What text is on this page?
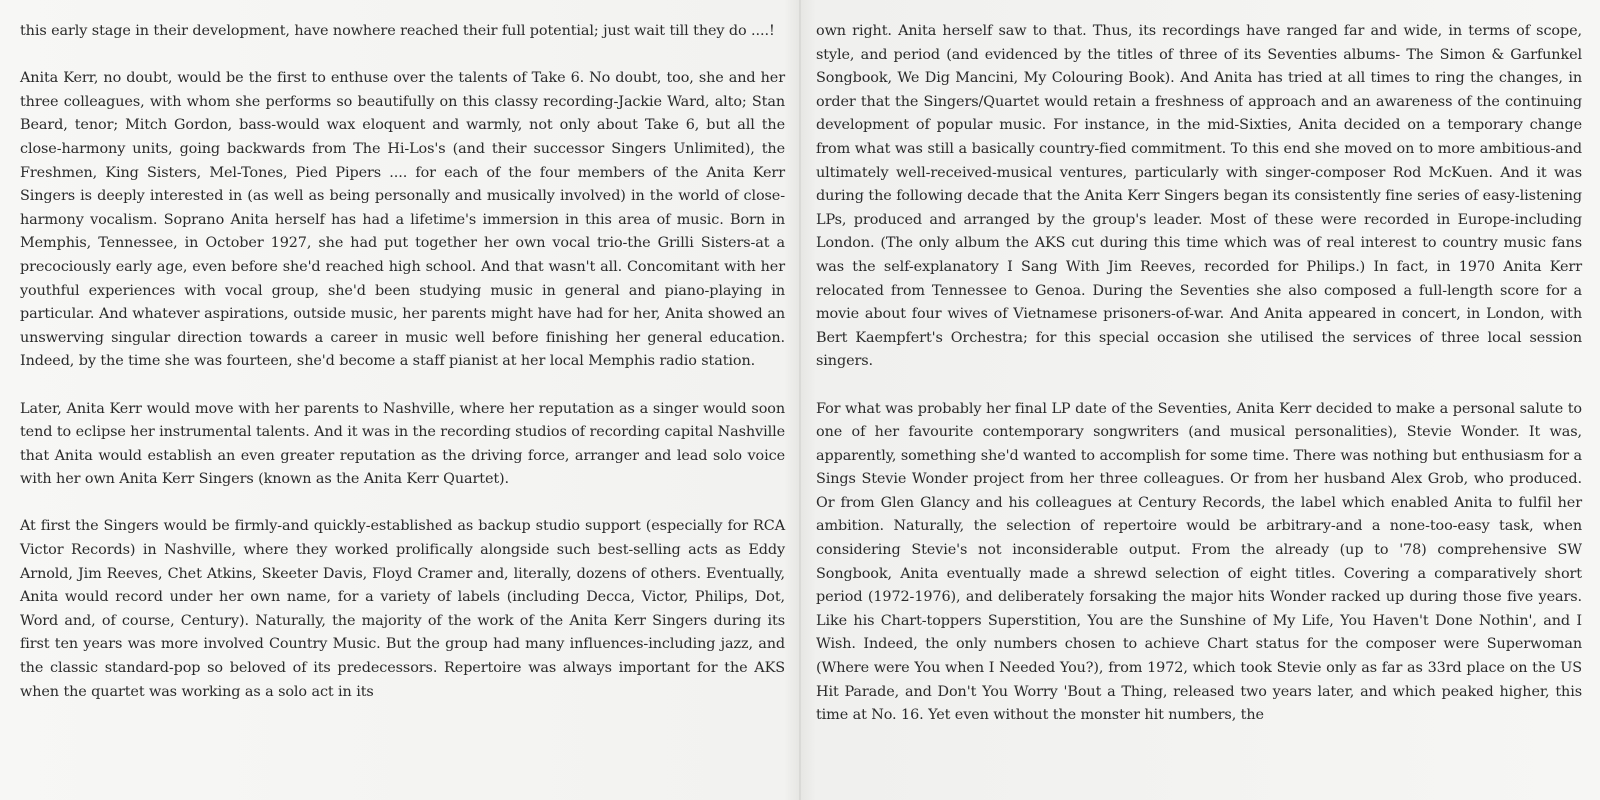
this early stage in their development, have nowhere reached their full potential; just wait till they do ....!

Anita Kerr, no doubt, would be the first to enthuse over the talents of Take 6. No doubt, too, she and her three colleagues, with whom she performs so beautifully on this classy recording-Jackie Ward, alto; Stan Beard, tenor; Mitch Gordon, bass-would wax eloquent and warmly, not only about Take 6, but all the close-harmony units, going backwards from The Hi-Los's (and their successor Singers Unlimited), the Freshmen, King Sisters, Mel-Tones, Pied Pipers .... for each of the four members of the Anita Kerr Singers is deeply interested in (as well as being personally and musically involved) in the world of close-harmony vocalism. Soprano Anita herself has had a lifetime's immersion in this area of music. Born in Memphis, Tennessee, in October 1927, she had put together her own vocal trio-the Grilli Sisters-at a precociously early age, even before she'd reached high school. And that wasn't all. Concomitant with her youthful experiences with vocal group, she'd been studying music in general and piano-playing in particular. And whatever aspirations, outside music, her parents might have had for her, Anita showed an unswerving singular direction towards a career in music well before finishing her general education. Indeed, by the time she was fourteen, she'd become a staff pianist at her local Memphis radio station.

Later, Anita Kerr would move with her parents to Nashville, where her reputation as a singer would soon tend to eclipse her instrumental talents. And it was in the recording studios of recording capital Nashville that Anita would establish an even greater reputation as the driving force, arranger and lead solo voice with her own Anita Kerr Singers (known as the Anita Kerr Quartet).

At first the Singers would be firmly-and quickly-established as backup studio support (especially for RCA Victor Records) in Nashville, where they worked prolifically alongside such best-selling acts as Eddy Arnold, Jim Reeves, Chet Atkins, Skeeter Davis, Floyd Cramer and, literally, dozens of others. Eventually, Anita would record under her own name, for a variety of labels (including Decca, Victor, Philips, Dot, Word and, of course, Century). Naturally, the majority of the work of the Anita Kerr Singers during its first ten years was more involved Country Music. But the group had many influences-including jazz, and the classic standard-pop so beloved of its predecessors. Repertoire was always important for the AKS when the quartet was working as a solo act in its

own right. Anita herself saw to that. Thus, its recordings have ranged far and wide, in terms of scope, style, and period (and evidenced by the titles of three of its Seventies albums- The Simon & Garfunkel Songbook, We Dig Mancini, My Colouring Book). And Anita has tried at all times to ring the changes, in order that the Singers/Quartet would retain a freshness of approach and an awareness of the continuing development of popular music. For instance, in the mid-Sixties, Anita decided on a temporary change from what was still a basically country-fied commitment. To this end she moved on to more ambitious-and ultimately well-received-musical ventures, particularly with singer-composer Rod McKuen. And it was during the following decade that the Anita Kerr Singers began its consistently fine series of easy-listening LPs, produced and arranged by the group's leader. Most of these were recorded in Europe-including London. (The only album the AKS cut during this time which was of real interest to country music fans was the self-explanatory I Sang With Jim Reeves, recorded for Philips.) In fact, in 1970 Anita Kerr relocated from Tennessee to Genoa. During the Seventies she also composed a full-length score for a movie about four wives of Vietnamese prisoners-of-war. And Anita appeared in concert, in London, with Bert Kaempfert's Orchestra; for this special occasion she utilised the services of three local session singers.

For what was probably her final LP date of the Seventies, Anita Kerr decided to make a personal salute to one of her favourite contemporary songwriters (and musical personalities), Stevie Wonder. It was, apparently, something she'd wanted to accomplish for some time. There was nothing but enthusiasm for a Sings Stevie Wonder project from her three colleagues. Or from her husband Alex Grob, who produced. Or from Glen Glancy and his colleagues at Century Records, the label which enabled Anita to fulfil her ambition. Naturally, the selection of repertoire would be arbitrary-and a none-too-easy task, when considering Stevie's not inconsiderable output. From the already (up to '78) comprehensive SW Songbook, Anita eventually made a shrewd selection of eight titles. Covering a comparatively short period (1972-1976), and deliberately forsaking the major hits Wonder racked up during those five years. Like his Chart-toppers Superstition, You are the Sunshine of My Life, You Haven't Done Nothin', and I Wish. Indeed, the only numbers chosen to achieve Chart status for the composer were Superwoman (Where were You when I Needed You?), from 1972, which took Stevie only as far as 33rd place on the US Hit Parade, and Don't You Worry 'Bout a Thing, released two years later, and which peaked higher, this time at No. 16. Yet even without the monster hit numbers, the
